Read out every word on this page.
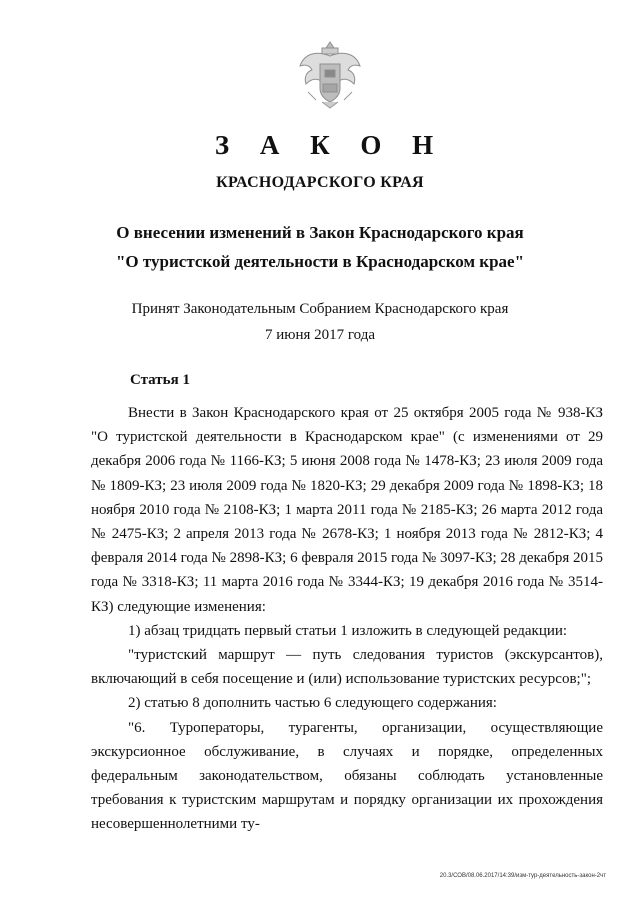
З А К О Н
КРАСНОДАРСКОГО КРАЯ
О внесении изменений в Закон Краснодарского края
"О туристской деятельности в Краснодарском крае"
Принят Законодательным Собранием Краснодарского края
7 июня 2017 года
Статья 1

Внести в Закон Краснодарского края от 25 октября 2005 года № 938-КЗ "О туристской деятельности в Краснодарском крае" (с изменениями от 29 декабря 2006 года № 1166-КЗ; 5 июня 2008 года № 1478-КЗ; 23 июля 2009 года № 1809-КЗ; 23 июля 2009 года № 1820-КЗ; 29 декабря 2009 года № 1898-КЗ; 18 ноября 2010 года № 2108-КЗ; 1 марта 2011 года № 2185-КЗ; 26 марта 2012 года № 2475-КЗ; 2 апреля 2013 года № 2678-КЗ; 1 ноября 2013 года № 2812-КЗ; 4 февраля 2014 года № 2898-КЗ; 6 февраля 2015 года № 3097-КЗ; 28 декабря 2015 года № 3318-КЗ; 11 марта 2016 года № 3344-КЗ; 19 декабря 2016 года № 3514-КЗ) следующие изменения:

1) абзац тридцать первый статьи 1 изложить в следующей редакции:

"туристский маршрут — путь следования туристов (экскурсантов), включающий в себя посещение и (или) использование туристских ресурсов;";

2) статью 8 дополнить частью 6 следующего содержания:

"6. Туроператоры, турагенты, организации, осуществляющие экскурсионное обслуживание, в случаях и порядке, определенных федеральным законодательством, обязаны соблюдать установленные требования к туристским маршрутам и порядку организации их прохождения несовершеннолетними ту-

20.3/СОВ/08.06.2017/14:39/изм-тур-деятельность-закон-2чт
